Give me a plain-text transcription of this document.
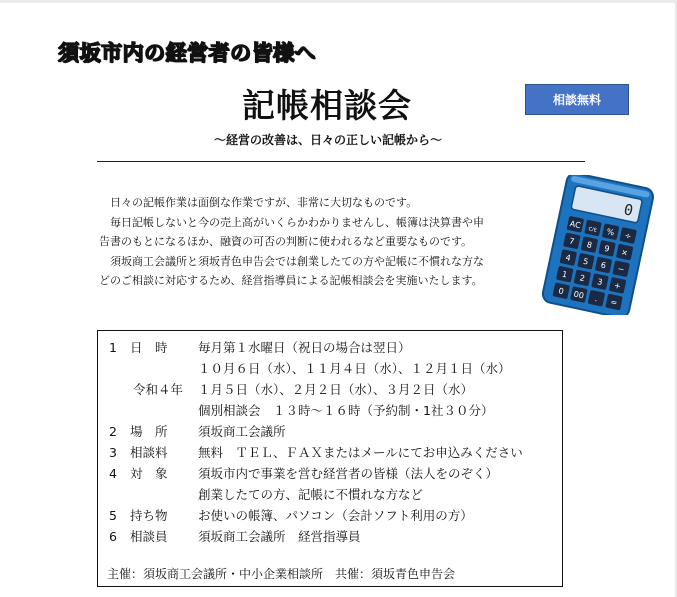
須坂市内の経営者の皆様へ
記帳相談会	相談無料
～経営の改善は、日々の正しい記帳から～

　日々の記帳作業は面倒な作業ですが、非常に大切なものです。

　毎日記帳しないと今の売上高がいくらかわかりませんし、帳簿は決算書や申

告書のもとになるほか、融資の可否の判断に使われるなど重要なものです。

　須坂商工会議所と須坂青色申告会では創業したての方や記帳に不慣れな方な

どのご相談に対応するため、経営指導員による記帳相談会を実施いたします。

0
AC C/E % ÷
7 8 9 ×
4 5 6 −
1 2 3 +
0 00 . =
1 日　時 毎月第１水曜日（祝日の場合は翌日）
１０月６日（水）、１１月４日（水）、１２月１日（水）
令和４年 １月５日（水）、２月２日（水）、３月２日（水）
個別相談会　１３時～１６時（予約制・1社３０分）
2 場　所 須坂商工会議所
3 相談料 無料　ＴＥＬ、ＦＡＸまたはメールにてお申込みください
4 対　象 須坂市内で事業を営む経営者の皆様（法人をのぞく）
創業したての方、記帳に不慣れな方など
5 持ち物 お使いの帳簿、パソコン（会計ソフト利用の方）
6 相談員 須坂商工会議所　経営指導員
主催：須坂商工会議所・中小企業相談所　共催：須坂青色申告会
